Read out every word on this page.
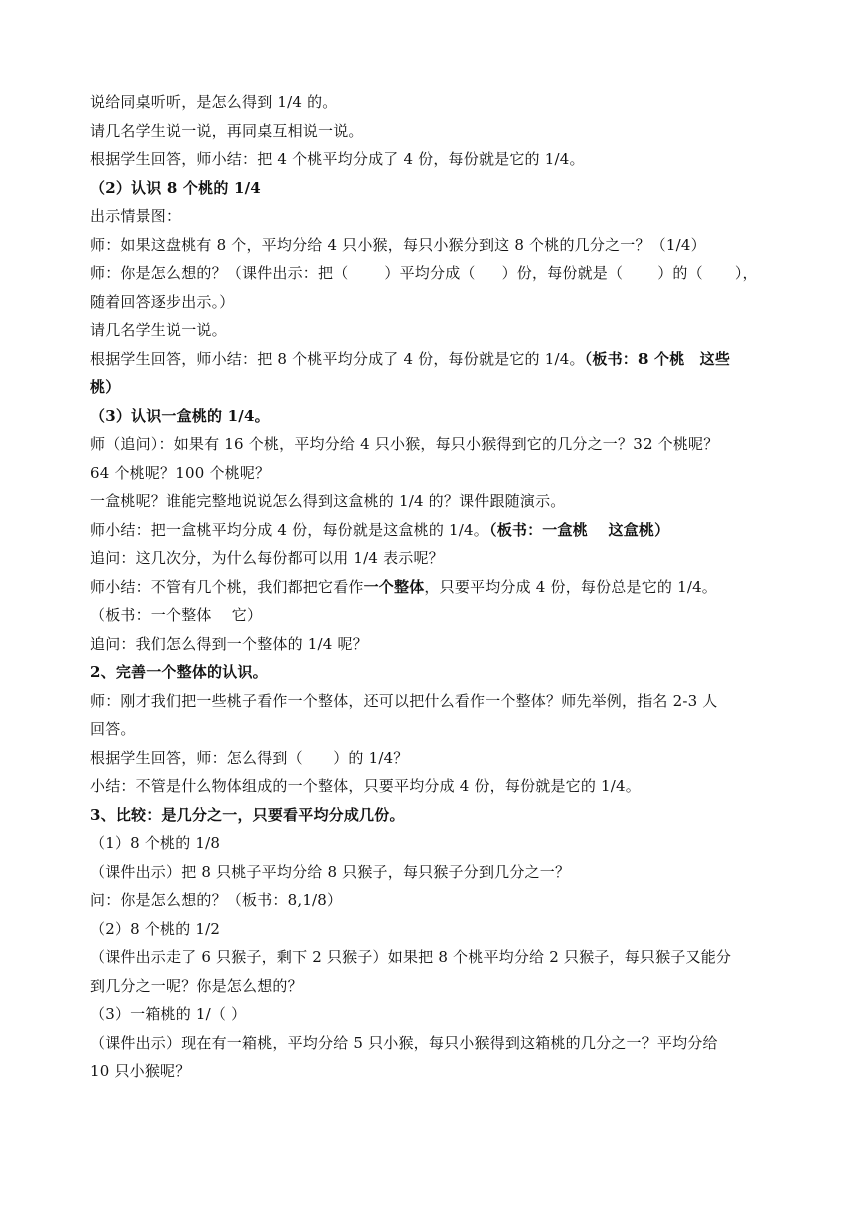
说给同桌听听，是怎么得到 1/4 的。
请几名学生说一说，再同桌互相说一说。
根据学生回答，师小结：把 4 个桃平均分成了 4 份，每份就是它的 1/4。
（2）认识 8 个桃的 1/4
出示情景图：
师：如果这盘桃有 8 个，平均分给 4 只小猴，每只小猴分到这 8 个桃的几分之一？（1/4）
师：你是怎么想的？（课件出示：把（ ）平均分成（ ）份，每份就是（ ）的（ ），
随着回答逐步出示。）
请几名学生说一说。
根据学生回答，师小结：把 8 个桃平均分成了 4 份，每份就是它的 1/4。（板书：8 个桃　这些
桃）
（3）认识一盒桃的 1/4。
师（追问）：如果有 16 个桃，平均分给 4 只小猴，每只小猴得到它的几分之一？32 个桃呢？
64 个桃呢？100 个桃呢？
一盒桃呢？谁能完整地说说怎么得到这盒桃的 1/4 的？课件跟随演示。
师小结：把一盒桃平均分成 4 份，每份就是这盒桃的 1/4。（板书：一盒桃　 这盒桃）
追问：这几次分，为什么每份都可以用 1/4 表示呢？
师小结：不管有几个桃，我们都把它看作一个整体，只要平均分成 4 份，每份总是它的 1/4。
（板书：一个整体　 它）
追问：我们怎么得到一个整体的 1/4 呢？
2、完善一个整体的认识。
师：刚才我们把一些桃子看作一个整体，还可以把什么看作一个整体？师先举例，指名 2-3 人
回答。
根据学生回答，师：怎么得到（　　）的 1/4？
小结：不管是什么物体组成的一个整体，只要平均分成 4 份，每份就是它的 1/4。
3、比较：是几分之一，只要看平均分成几份。
（1）8 个桃的 1/8
（课件出示）把 8 只桃子平均分给 8 只猴子，每只猴子分到几分之一？
问：你是怎么想的？（板书：8,1/8）
（2）8 个桃的 1/2
（课件出示走了 6 只猴子，剩下 2 只猴子）如果把 8 个桃平均分给 2 只猴子，每只猴子又能分
到几分之一呢？你是怎么想的？
（3）一箱桃的 1/（ ）
（课件出示）现在有一箱桃，平均分给 5 只小猴，每只小猴得到这箱桃的几分之一？平均分给
10 只小猴呢？
